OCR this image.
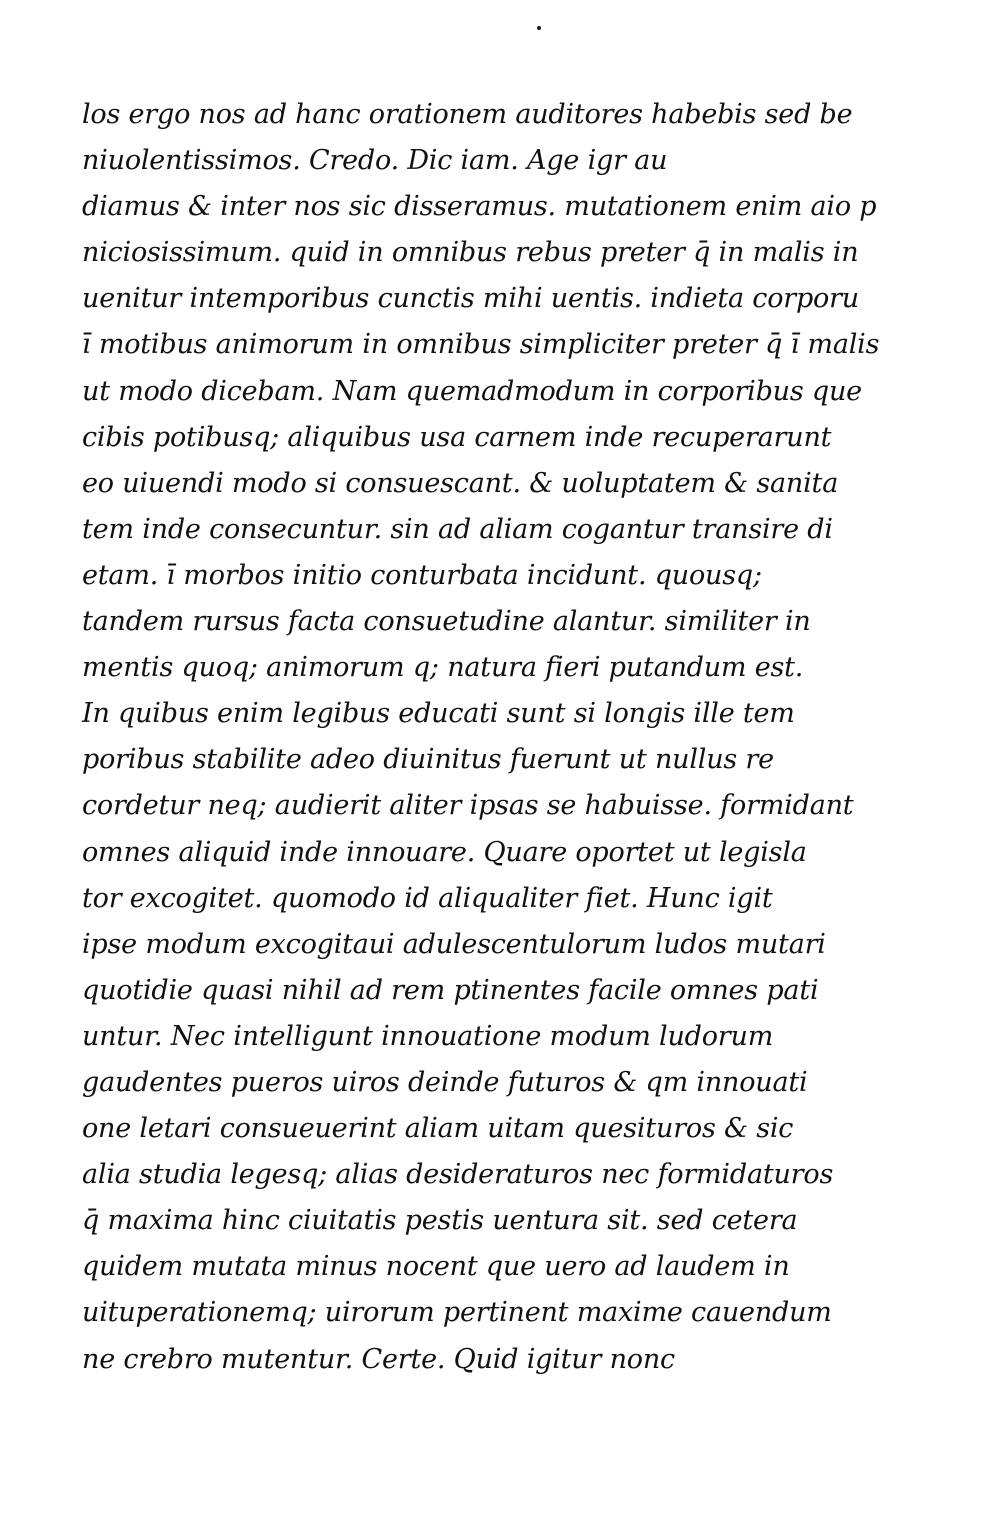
los ergo nos ad hanc orationem auditores habebis sed be
niuolentissimos. Credo. Dic iam. Age igr au
diamus & inter nos sic disseramus. mutationem enim aio p
niciosissimum. quid in omnibus rebus preter q̄ in malis in
uenitur intemporibus cunctis mihi uentis. indieta corporu
ī motibus animorum in omnibus simpliciter preter q̄ ī malis
ut modo dicebam. Nam quemadmodum in corporibus que
cibis potibusq; aliquibus usa carnem inde recuperarunt
eo uiuendi modo si consuescant. & uoluptatem & sanita
tem inde consecuntur. sin ad aliam cogantur transire di
etam. ī morbos initio conturbata incidunt. quousq;
tandem rursus facta consuetudine alantur. similiter in
mentis quoq; animorum q; natura fieri putandum est.
In quibus enim legibus educati sunt si longis ille tem
poribus stabilite adeo diuinitus fuerunt ut nullus re
cordetur neq; audierit aliter ipsas se habuisse. formidant
omnes aliquid inde innouare. Quare oportet ut legisla
tor excogitet. quomodo id aliqualiter fiet. Hunc igit
ipse modum excogitaui adulescentulorum ludos mutari
quotidie quasi nihil ad rem ptinentes facile omnes pati
untur. Nec intelligunt innouatione modum ludorum
gaudentes pueros uiros deinde futuros & qm innouati
one letari consueuerint aliam uitam quesituros & sic
alia studia legesq; alias desideraturos nec formidaturos
q̄ maxima hinc ciuitatis pestis uentura sit. sed cetera
quidem mutata minus nocent que uero ad laudem in
uituperationemq; uirorum pertinent maxime cauendum
ne crebro mutentur. Certe. Quid igitur nonc
